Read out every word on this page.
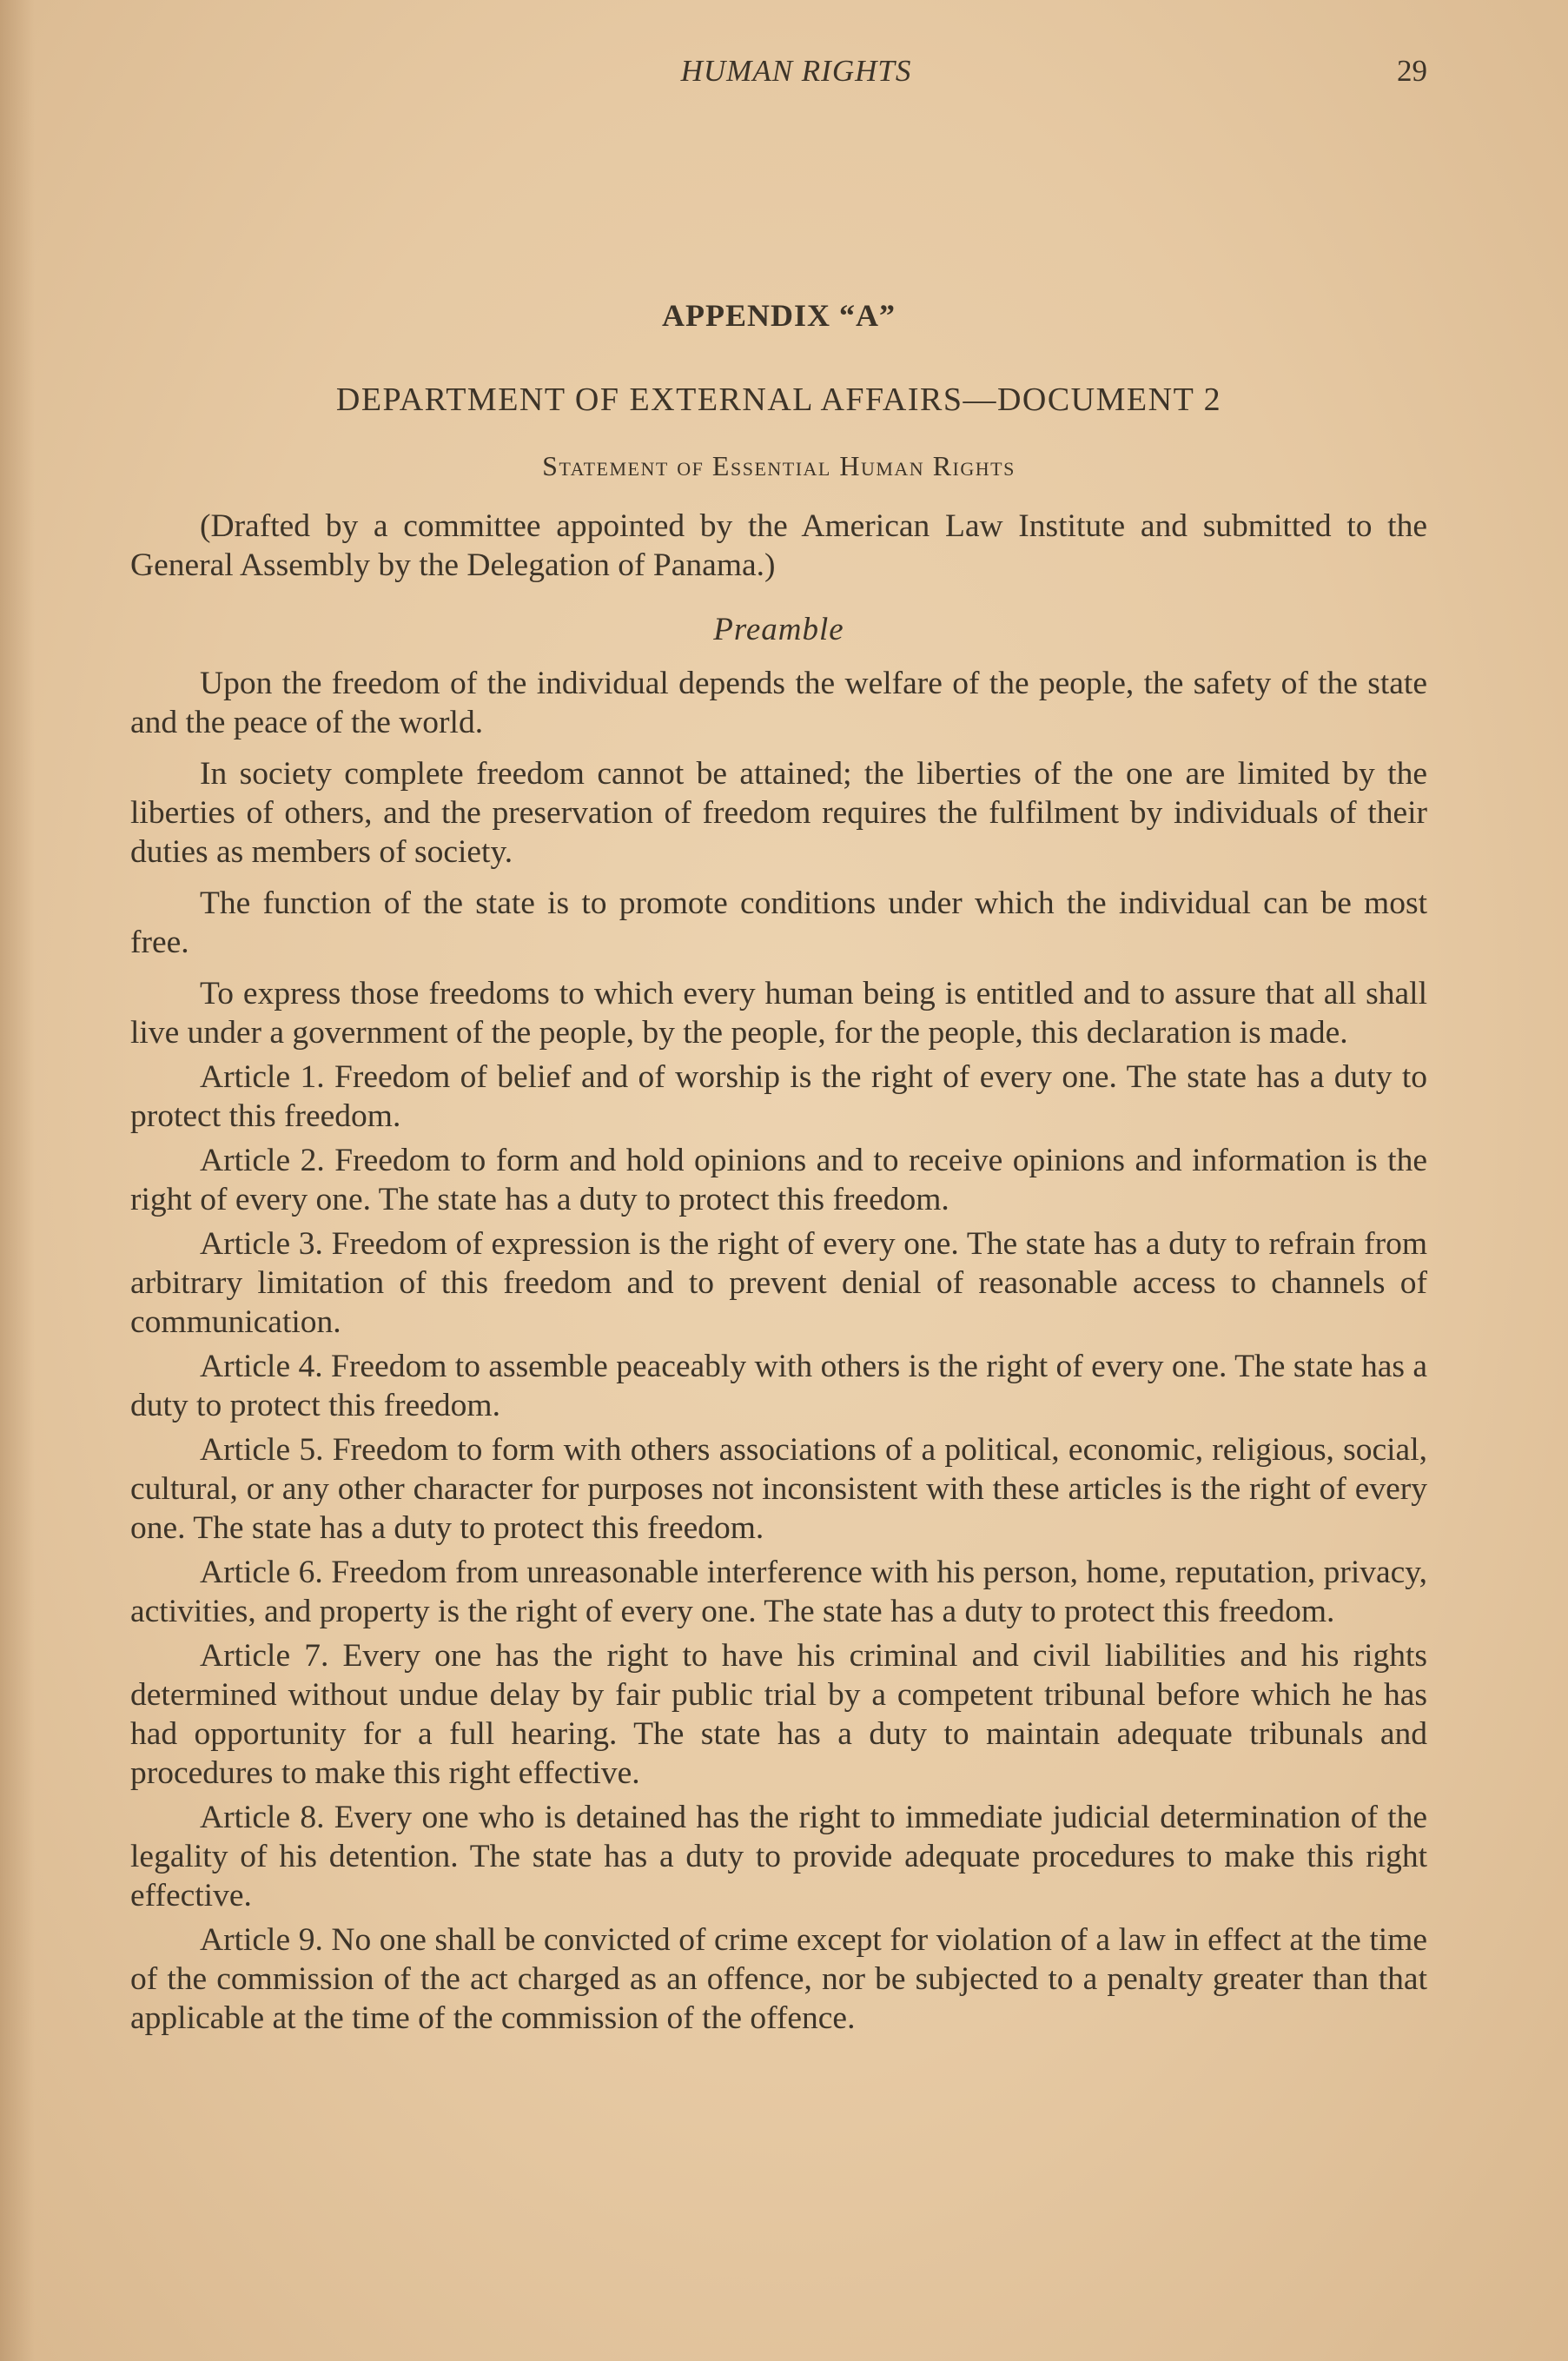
HUMAN RIGHTS	29
APPENDIX “A”
DEPARTMENT OF EXTERNAL AFFAIRS—DOCUMENT 2
Statement of Essential Human Rights

(Drafted by a committee appointed by the American Law Institute and submitted to the General Assembly by the Delegation of Panama.)

Preamble

Upon the freedom of the individual depends the welfare of the people, the safety of the state and the peace of the world.

In society complete freedom cannot be attained; the liberties of the one are limited by the liberties of others, and the preservation of freedom requires the fulfilment by individuals of their duties as members of society.

The function of the state is to promote conditions under which the individual can be most free.

To express those freedoms to which every human being is entitled and to assure that all shall live under a government of the people, by the people, for the people, this declaration is made.

Article 1. Freedom of belief and of worship is the right of every one. The state has a duty to protect this freedom.

Article 2. Freedom to form and hold opinions and to receive opinions and information is the right of every one. The state has a duty to protect this freedom.

Article 3. Freedom of expression is the right of every one. The state has a duty to refrain from arbitrary limitation of this freedom and to prevent denial of reasonable access to channels of communication.

Article 4. Freedom to assemble peaceably with others is the right of every one. The state has a duty to protect this freedom.

Article 5. Freedom to form with others associations of a political, economic, religious, social, cultural, or any other character for purposes not inconsistent with these articles is the right of every one. The state has a duty to protect this freedom.

Article 6. Freedom from unreasonable interference with his person, home, reputation, privacy, activities, and property is the right of every one. The state has a duty to protect this freedom.

Article 7. Every one has the right to have his criminal and civil liabilities and his rights determined without undue delay by fair public trial by a competent tribunal before which he has had opportunity for a full hearing. The state has a duty to maintain adequate tribunals and procedures to make this right effective.

Article 8. Every one who is detained has the right to immediate judicial determination of the legality of his detention. The state has a duty to provide adequate procedures to make this right effective.

Article 9. No one shall be convicted of crime except for violation of a law in effect at the time of the commission of the act charged as an offence, nor be subjected to a penalty greater than that applicable at the time of the commission of the offence.
